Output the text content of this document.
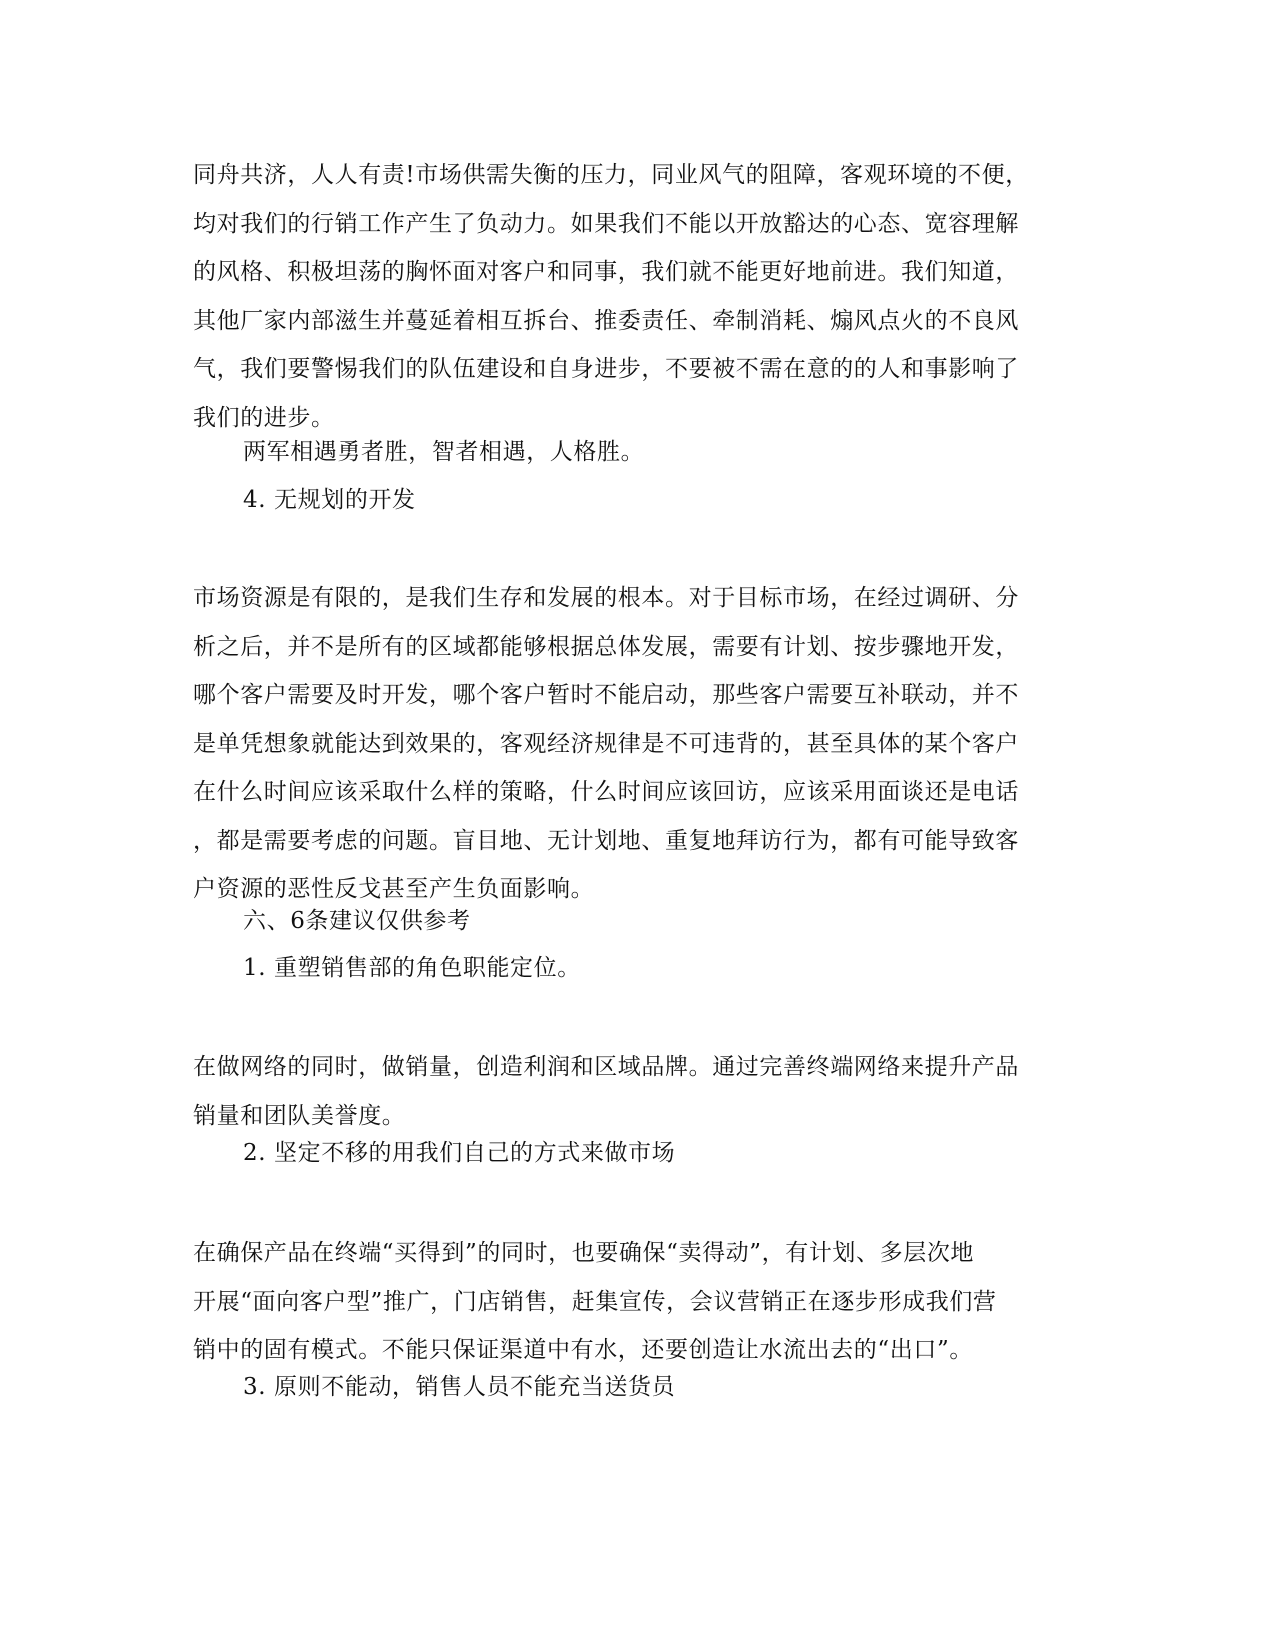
同舟共济，人人有责!市场供需失衡的压力，同业风气的阻障，客观环境的不便，
均对我们的行销工作产生了负动力。如果我们不能以开放豁达的心态、宽容理解
的风格、积极坦荡的胸怀面对客户和同事，我们就不能更好地前进。我们知道，
其他厂家内部滋生并蔓延着相互拆台、推委责任、牵制消耗、煽风点火的不良风
气，我们要警惕我们的队伍建设和自身进步，不要被不需在意的的人和事影响了
我们的进步。
两军相遇勇者胜，智者相遇，人格胜。
4. 无规划的开发
市场资源是有限的，是我们生存和发展的根本。对于目标市场，在经过调研、分
析之后，并不是所有的区域都能够根据总体发展，需要有计划、按步骤地开发，
哪个客户需要及时开发，哪个客户暂时不能启动，那些客户需要互补联动，并不
是单凭想象就能达到效果的，客观经济规律是不可违背的，甚至具体的某个客户
在什么时间应该采取什么样的策略，什么时间应该回访，应该采用面谈还是电话
，都是需要考虑的问题。盲目地、无计划地、重复地拜访行为，都有可能导致客
户资源的恶性反戈甚至产生负面影响。
六、6条建议仅供参考
1. 重塑销售部的角色职能定位。
在做网络的同时，做销量，创造利润和区域品牌。通过完善终端网络来提升产品
销量和团队美誉度。
2. 坚定不移的用我们自己的方式来做市场
在确保产品在终端“买得到”的同时，也要确保“卖得动”，有计划、多层次地
开展“面向客户型”推广，门店销售，赶集宣传，会议营销正在逐步形成我们营
销中的固有模式。不能只保证渠道中有水，还要创造让水流出去的“出口”。
3. 原则不能动，销售人员不能充当送货员
